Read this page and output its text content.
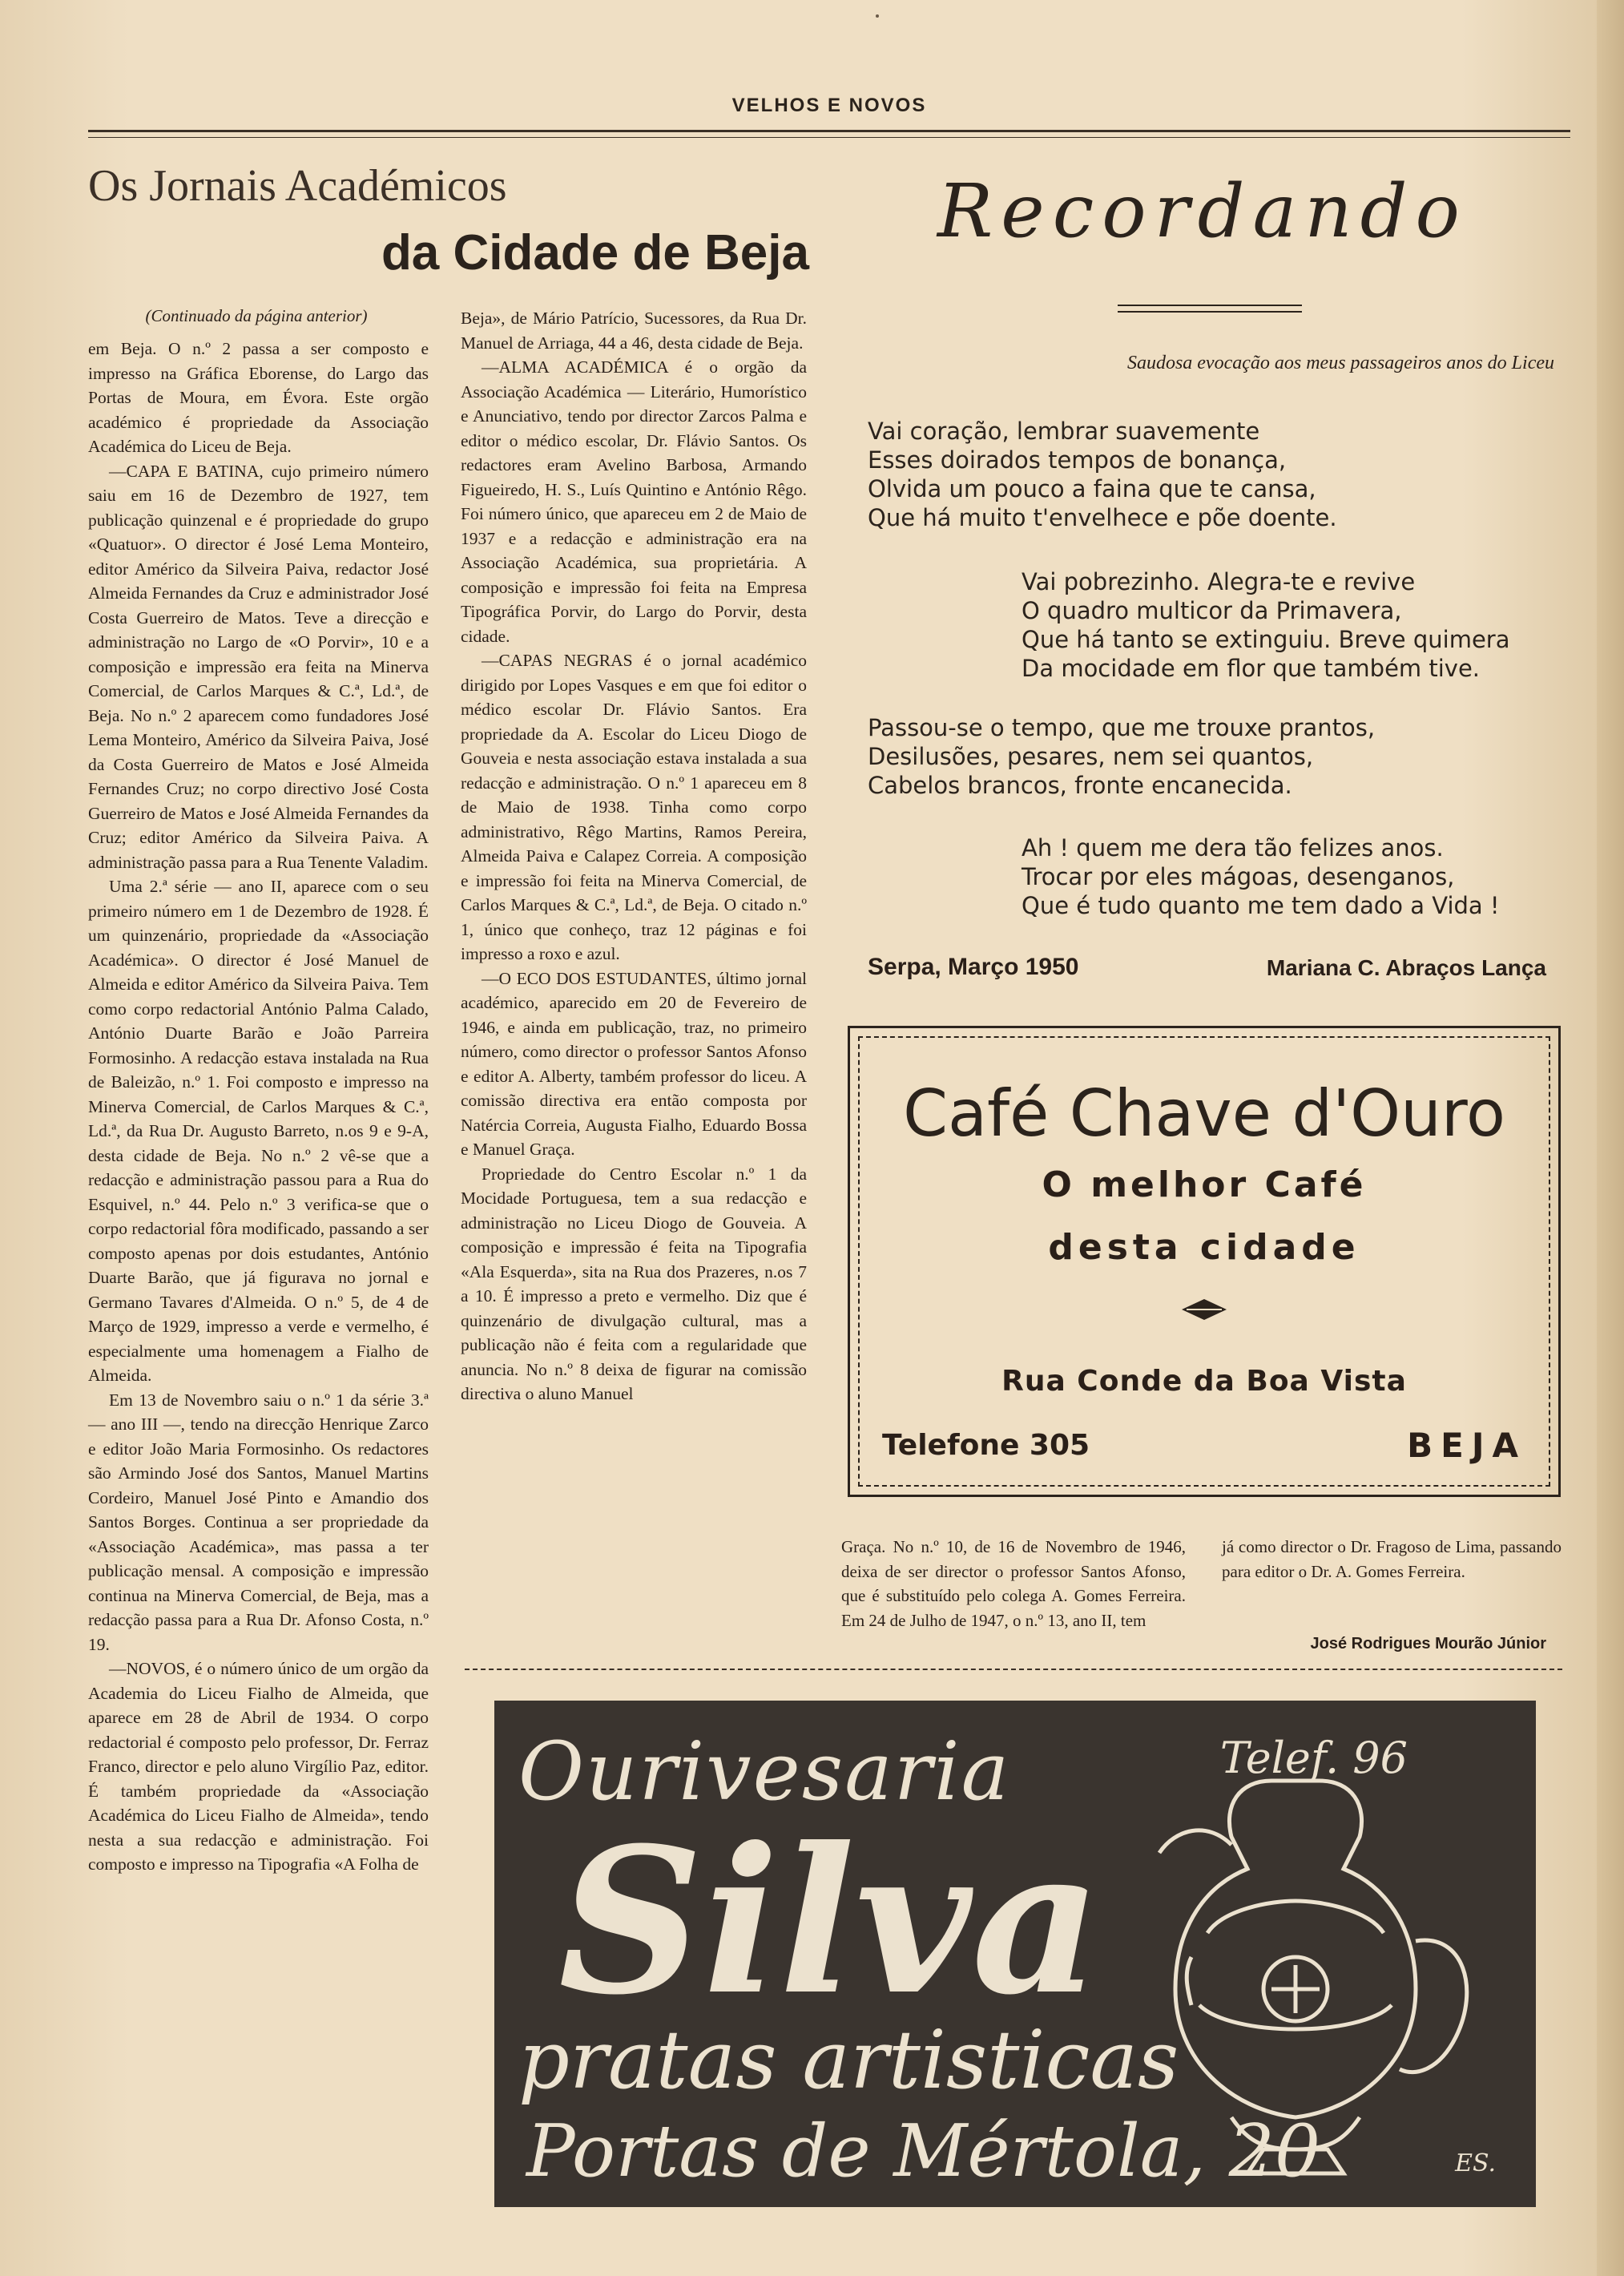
VELHOS E NOVOS
Os Jornais Académicos
da Cidade de Beja
(Continuado da página anterior)

em Beja. O n.º 2 passa a ser composto e impresso na Gráfica Eborense, do Largo das Portas de Moura, em Évora. Este orgão académico é propriedade da Associação Académica do Liceu de Beja.

—CAPA E BATINA, cujo primeiro número saiu em 16 de Dezembro de 1927, tem publicação quinzenal e é propriedade do grupo «Quatuor». O director é José Lema Monteiro, editor Américo da Silveira Paiva, redactor José Almeida Fernandes da Cruz e administrador José Costa Guerreiro de Matos. Teve a direcção e administração no Largo de «O Porvir», 10 e a composição e impressão era feita na Minerva Comercial, de Carlos Marques & C.ª, Ld.ª, de Beja. No n.º 2 aparecem como fundadores José Lema Monteiro, Américo da Silveira Paiva, José da Costa Guerreiro de Matos e José Almeida Fernandes Cruz; no corpo directivo José Costa Guerreiro de Matos e José Almeida Fernandes da Cruz; editor Américo da Silveira Paiva. A administração passa para a Rua Tenente Valadim.

Uma 2.ª série — ano II, aparece com o seu primeiro número em 1 de Dezembro de 1928. É um quinzenário, propriedade da «Associação Académica». O director é José Manuel de Almeida e editor Américo da Silveira Paiva. Tem como corpo redactorial António Palma Calado, António Duarte Barão e João Parreira Formosinho. A redacção estava instalada na Rua de Baleizão, n.º 1. Foi composto e impresso na Minerva Comercial, de Carlos Marques & C.ª, Ld.ª, da Rua Dr. Augusto Barreto, n.os 9 e 9-A, desta cidade de Beja. No n.º 2 vê-se que a redacção e administração passou para a Rua do Esquivel, n.º 44. Pelo n.º 3 verifica-se que o corpo redactorial fôra modificado, passando a ser composto apenas por dois estudantes, António Duarte Barão, que já figurava no jornal e Germano Tavares d'Almeida. O n.º 5, de 4 de Março de 1929, impresso a verde e vermelho, é especialmente uma homenagem a Fialho de Almeida.

Em 13 de Novembro saiu o n.º 1 da série 3.ª — ano III —, tendo na direcção Henrique Zarco e editor João Maria Formosinho. Os redactores são Armindo José dos Santos, Manuel Martins Cordeiro, Manuel José Pinto e Amandio dos Santos Borges. Continua a ser propriedade da «Associação Académica», mas passa a ter publicação mensal. A composição e impressão continua na Minerva Comercial, de Beja, mas a redacção passa para a Rua Dr. Afonso Costa, n.º 19.

—NOVOS, é o número único de um orgão da Academia do Liceu Fialho de Almeida, que aparece em 28 de Abril de 1934. O corpo redactorial é composto pelo professor, Dr. Ferraz Franco, director e pelo aluno Virgílio Paz, editor. É também propriedade da «Associação Académica do Liceu Fialho de Almeida», tendo nesta a sua redacção e administração. Foi composto e impresso na Tipografia «A Folha de

Beja», de Mário Patrício, Sucessores, da Rua Dr. Manuel de Arriaga, 44 a 46, desta cidade de Beja.

—ALMA ACADÉMICA é o orgão da Associação Académica — Literário, Humorístico e Anunciativo, tendo por director Zarcos Palma e editor o médico escolar, Dr. Flávio Santos. Os redactores eram Avelino Barbosa, Armando Figueiredo, H. S., Luís Quintino e António Rêgo. Foi número único, que apareceu em 2 de Maio de 1937 e a redacção e administração era na Associação Académica, sua proprietária. A composição e impressão foi feita na Empresa Tipográfica Porvir, do Largo do Porvir, desta cidade.

—CAPAS NEGRAS é o jornal académico dirigido por Lopes Vasques e em que foi editor o médico escolar Dr. Flávio Santos. Era propriedade da A. Escolar do Liceu Diogo de Gouveia e nesta associação estava instalada a sua redacção e administração. O n.º 1 apareceu em 8 de Maio de 1938. Tinha como corpo administrativo, Rêgo Martins, Ramos Pereira, Almeida Paiva e Calapez Correia. A composição e impressão foi feita na Minerva Comercial, de Carlos Marques & C.ª, Ld.ª, de Beja. O citado n.º 1, único que conheço, traz 12 páginas e foi impresso a roxo e azul.

—O ECO DOS ESTUDANTES, último jornal académico, aparecido em 20 de Fevereiro de 1946, e ainda em publicação, traz, no primeiro número, como director o professor Santos Afonso e editor A. Alberty, também professor do liceu. A comissão directiva era então composta por Natércia Correia, Augusta Fialho, Eduardo Bossa e Manuel Graça.

Propriedade do Centro Escolar n.º 1 da Mocidade Portuguesa, tem a sua redacção e administração no Liceu Diogo de Gouveia. A composição e impressão é feita na Tipografia «Ala Esquerda», sita na Rua dos Prazeres, n.os 7 a 10. É impresso a preto e vermelho. Diz que é quinzenário de divulgação cultural, mas a publicação não é feita com a regularidade que anuncia. No n.º 8 deixa de figurar na comissão directiva o aluno Manuel

Recordando
Saudosa evocação aos meus passageiros anos do Liceu
Vai coração, lembrar suavemente
Esses doirados tempos de bonança,
Olvida um pouco a faina que te cansa,
Que há muito t'envelhece e põe doente.
Vai pobrezinho. Alegra-te e revive
O quadro multicor da Primavera,
Que há tanto se extinguiu. Breve quimera
Da mocidade em flor que também tive.
Passou-se o tempo, que me trouxe prantos,
Desilusões, pesares, nem sei quantos,
Cabelos brancos, fronte encanecida.
Ah ! quem me dera tão felizes anos.
Trocar por eles mágoas, desenganos,
Que é tudo quanto me tem dado a Vida !
Serpa, Março 1950	Mariana C. Abraços Lança
Café Chave d'Ouro
O melhor Café
desta cidade
Rua Conde da Boa Vista
Telefone 305	BEJA

Graça. No n.º 10, de 16 de Novembro de 1946, deixa de ser director o professor Santos Afonso, que é substituído pelo colega A. Gomes Ferreira. Em 24 de Julho de 1947, o n.º 13, ano II, tem

já como director o Dr. Fragoso de Lima, passando para editor o Dr. A. Gomes Ferreira.

José Rodrigues Mourão Júnior
Ourivesaria	Telef. 96
Silva
pratas artisticas
Portas de Mértola, 20	ES.
